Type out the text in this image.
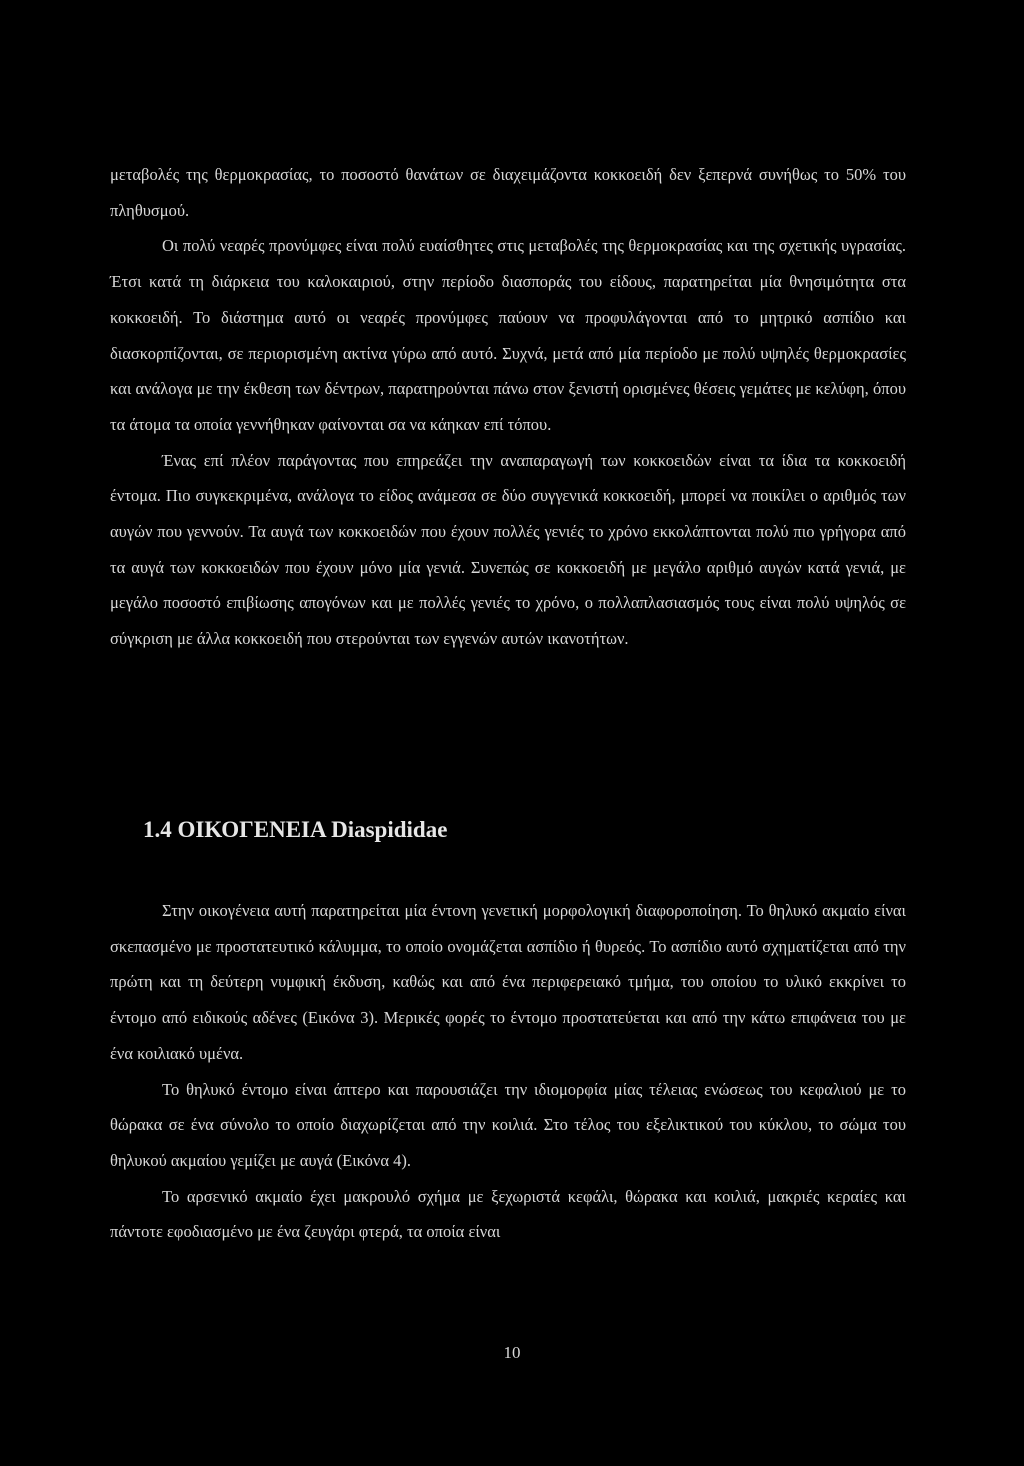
μεταβολές της θερμοκρασίας, το ποσοστό θανάτων σε διαχειμάζοντα κοκκοειδή δεν ξεπερνά συνήθως το 50% του πληθυσμού.

Οι πολύ νεαρές προνύμφες είναι πολύ ευαίσθητες στις μεταβολές της θερμοκρασίας και της σχετικής υγρασίας. Έτσι κατά τη διάρκεια του καλοκαιριού, στην περίοδο διασποράς του είδους, παρατηρείται μία θνησιμότητα στα κοκκοειδή. Το διάστημα αυτό οι νεαρές προνύμφες παύουν να προφυλάγονται από το μητρικό ασπίδιο και διασκορπίζονται, σε περιορισμένη ακτίνα γύρω από αυτό. Συχνά, μετά από μία περίοδο με πολύ υψηλές θερμοκρασίες και ανάλογα με την έκθεση των δέντρων, παρατηρούνται πάνω στον ξενιστή ορισμένες θέσεις γεμάτες με κελύφη, όπου τα άτομα τα οποία γεννήθηκαν φαίνονται σα να κάηκαν επί τόπου.

Ένας επί πλέον παράγοντας που επηρεάζει την αναπαραγωγή των κοκκοειδών είναι τα ίδια τα κοκκοειδή έντομα. Πιο συγκεκριμένα, ανάλογα το είδος ανάμεσα σε δύο συγγενικά κοκκοειδή, μπορεί να ποικίλει ο αριθμός των αυγών που γεννούν. Τα αυγά των κοκκοειδών που έχουν πολλές γενιές το χρόνο εκκολάπτονται πολύ πιο γρήγορα από τα αυγά των κοκκοειδών που έχουν μόνο μία γενιά. Συνεπώς σε κοκκοειδή με μεγάλο αριθμό αυγών κατά γενιά, με μεγάλο ποσοστό επιβίωσης απογόνων και με πολλές γενιές το χρόνο, ο πολλαπλασιασμός τους είναι πολύ υψηλός σε σύγκριση με άλλα κοκκοειδή που στερούνται των εγγενών αυτών ικανοτήτων.

1.4 ΟΙΚΟΓΕΝΕΙΑ Diaspididae

Στην οικογένεια αυτή παρατηρείται μία έντονη γενετική μορφολογική διαφοροποίηση. Το θηλυκό ακμαίο είναι σκεπασμένο με προστατευτικό κάλυμμα, το οποίο ονομάζεται ασπίδιο ή θυρεός. Το ασπίδιο αυτό σχηματίζεται από την πρώτη και τη δεύτερη νυμφική έκδυση, καθώς και από ένα περιφερειακό τμήμα, του οποίου το υλικό εκκρίνει το έντομο από ειδικούς αδένες (Εικόνα 3). Μερικές φορές το έντομο προστατεύεται και από την κάτω επιφάνεια του με ένα κοιλιακό υμένα.

Το θηλυκό έντομο είναι άπτερο και παρουσιάζει την ιδιομορφία μίας τέλειας ενώσεως του κεφαλιού με το θώρακα σε ένα σύνολο το οποίο διαχωρίζεται από την κοιλιά. Στο τέλος του εξελικτικού του κύκλου, το σώμα του θηλυκού ακμαίου γεμίζει με αυγά (Εικόνα 4).

Το αρσενικό ακμαίο έχει μακρουλό σχήμα με ξεχωριστά κεφάλι, θώρακα και κοιλιά, μακριές κεραίες και πάντοτε εφοδιασμένο με ένα ζευγάρι φτερά, τα οποία είναι

10
